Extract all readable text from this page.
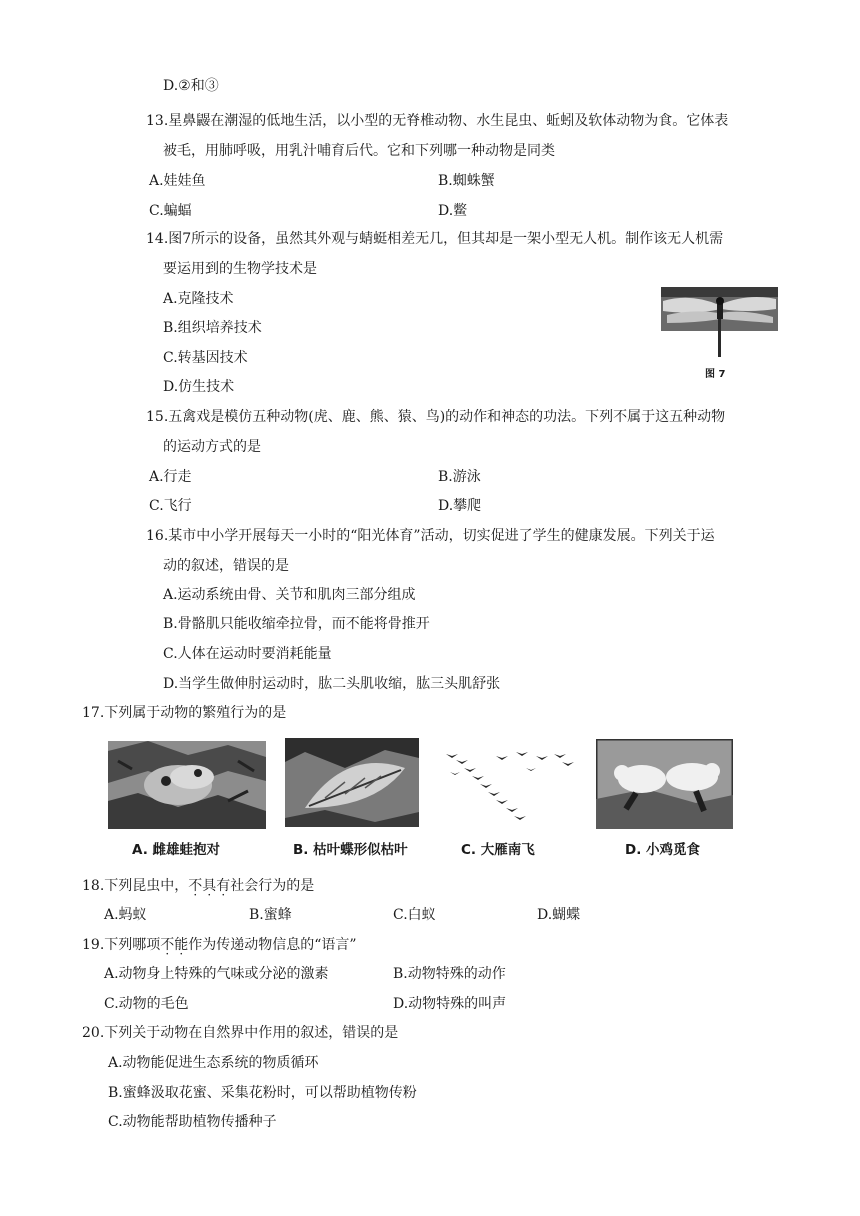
D.②和③
13.星鼻鼹在潮湿的低地生活，以小型的无脊椎动物、水生昆虫、蚯蚓及软体动物为食。它体表
被毛，用肺呼吸，用乳汁哺育后代。它和下列哪一种动物是同类
A.娃娃鱼	B.蜘蛛蟹
C.蝙蝠	D.鳖
14.图7所示的设备，虽然其外观与蜻蜓相差无几，但其却是一架小型无人机。制作该无人机需
要运用到的生物学技术是
A.克隆技术
B.组织培养技术
C.转基因技术
D.仿生技术
图 7
15.五禽戏是模仿五种动物(虎、鹿、熊、猿、鸟)的动作和神态的功法。下列不属于这五种动物
的运动方式的是
A.行走	B.游泳
C.飞行	D.攀爬
16.某市中小学开展每天一小时的“阳光体育”活动，切实促进了学生的健康发展。下列关于运
动的叙述，错误的是
A.运动系统由骨、关节和肌肉三部分组成
B.骨骼肌只能收缩牵拉骨，而不能将骨推开
C.人体在运动时要消耗能量
D.当学生做伸肘运动时，肱二头肌收缩，肱三头肌舒张
17.下列属于动物的繁殖行为的是
A. 雌雄蛙抱对	B. 枯叶蝶形似枯叶	C. 大雁南飞	D. 小鸡觅食
18.下列昆虫中，不具有社会行为的是
A.蚂蚁	B.蜜蜂	C.白蚁	D.蝴蝶
19.下列哪项不能作为传递动物信息的“语言”
A.动物身上特殊的气味或分泌的激素	B.动物特殊的动作
C.动物的毛色	D.动物特殊的叫声
20.下列关于动物在自然界中作用的叙述，错误的是
A.动物能促进生态系统的物质循环
B.蜜蜂汲取花蜜、采集花粉时，可以帮助植物传粉
C.动物能帮助植物传播种子
